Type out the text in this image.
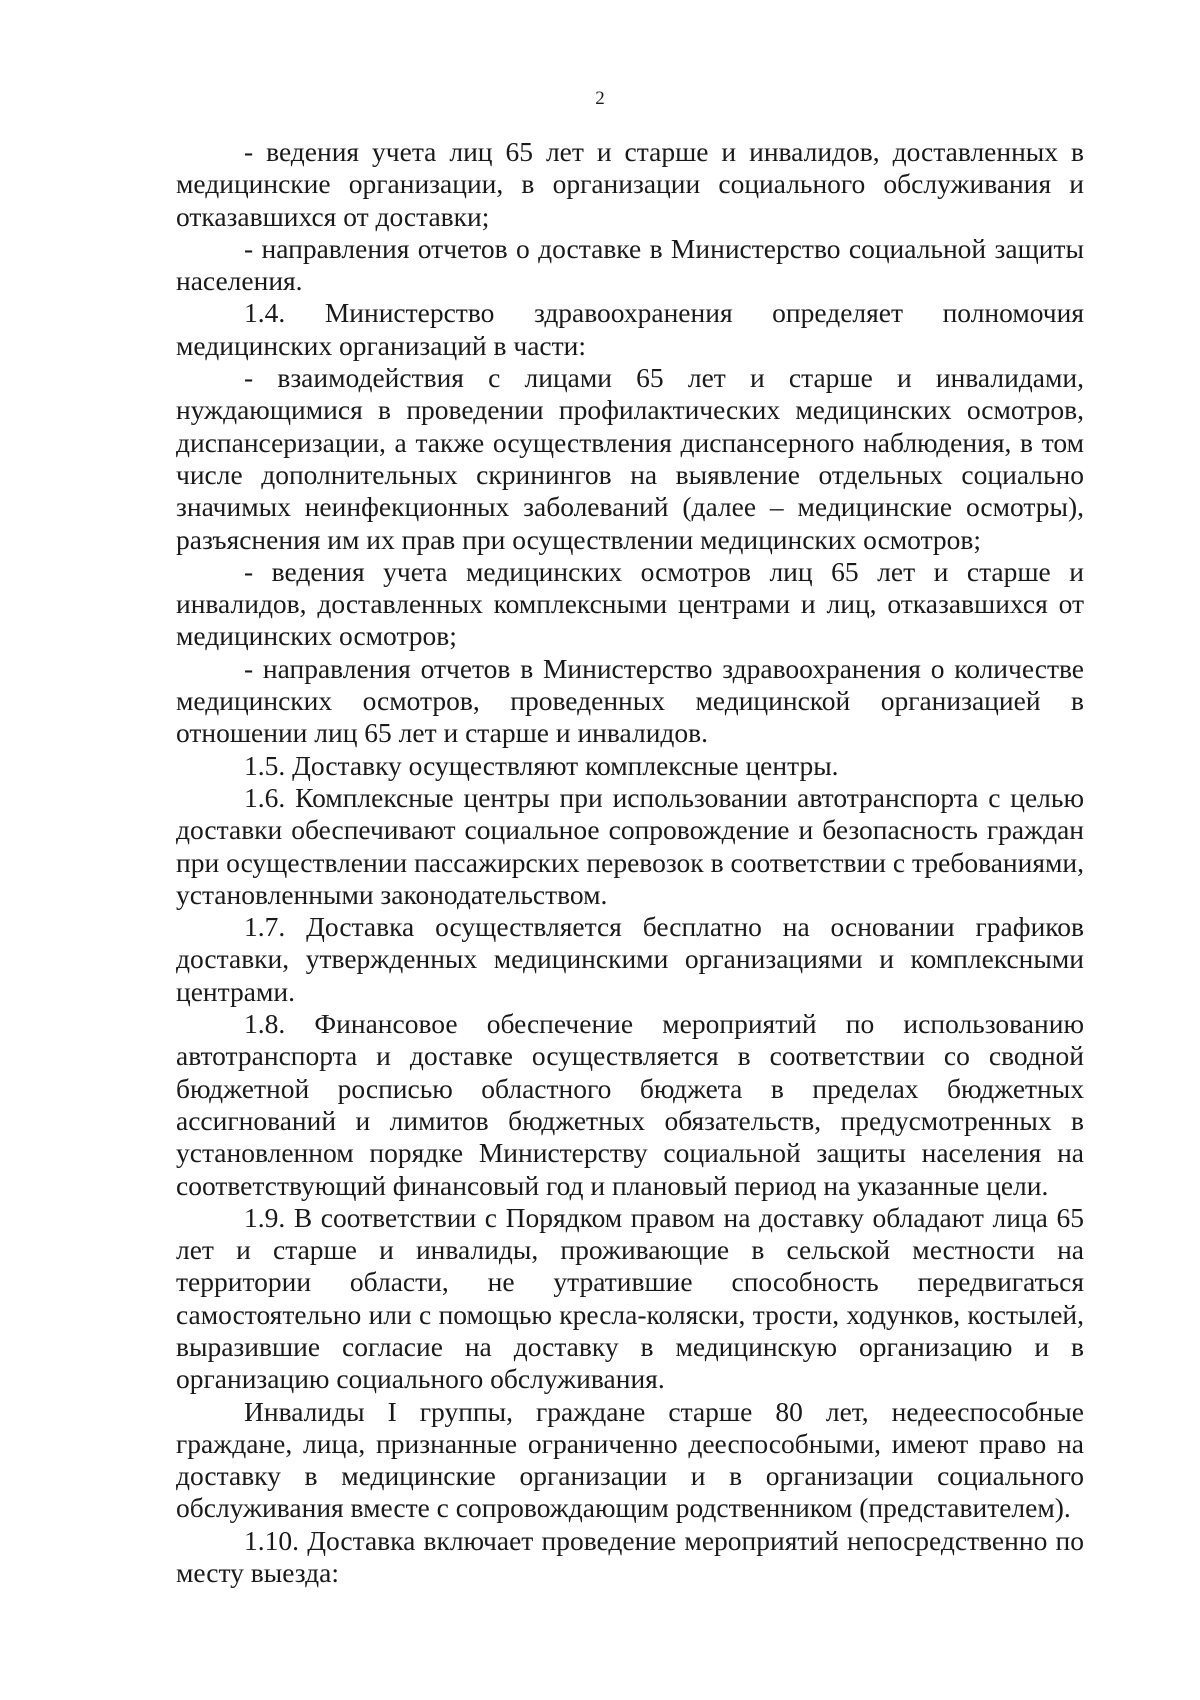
2

- ведения учета лиц 65 лет и старше и инвалидов, доставленных в медицинские организации, в организации социального обслуживания и отказавшихся от доставки;

- направления отчетов о доставке в Министерство социальной защиты населения.

1.4. Министерство здравоохранения определяет полномочия медицинских организаций в части:

- взаимодействия с лицами 65 лет и старше и инвалидами, нуждающимися в проведении профилактических медицинских осмотров, диспансеризации, а также осуществления диспансерного наблюдения, в том числе дополнительных скринингов на выявление отдельных социально значимых неинфекционных заболеваний (далее – медицинские осмотры), разъяснения им их прав при осуществлении медицинских осмотров;

- ведения учета медицинских осмотров лиц 65 лет и старше и инвалидов, доставленных комплексными центрами и лиц, отказавшихся от медицинских осмотров;

- направления отчетов в Министерство здравоохранения о количестве медицинских осмотров, проведенных медицинской организацией в отношении лиц 65 лет и старше и инвалидов.

1.5. Доставку осуществляют комплексные центры.

1.6. Комплексные центры при использовании автотранспорта с целью доставки обеспечивают социальное сопровождение и безопасность граждан при осуществлении пассажирских перевозок в соответствии с требованиями, установленными законодательством.

1.7. Доставка осуществляется бесплатно на основании графиков доставки, утвержденных медицинскими организациями и комплексными центрами.

1.8. Финансовое обеспечение мероприятий по использованию автотранспорта и доставке осуществляется в соответствии со сводной бюджетной росписью областного бюджета в пределах бюджетных ассигнований и лимитов бюджетных обязательств, предусмотренных в установленном порядке Министерству социальной защиты населения на соответствующий финансовый год и плановый период на указанные цели.

1.9. В соответствии с Порядком правом на доставку обладают лица 65 лет и старше и инвалиды, проживающие в сельской местности на территории области, не утратившие способность передвигаться самостоятельно или с помощью кресла-коляски, трости, ходунков, костылей, выразившие согласие на доставку в медицинскую организацию и в организацию социального обслуживания.

Инвалиды I группы, граждане старше 80 лет, недееспособные граждане, лица, признанные ограниченно дееспособными, имеют право на доставку в медицинские организации и в организации социального обслуживания вместе с сопровождающим родственником (представителем).

1.10. Доставка включает проведение мероприятий непосредственно по месту выезда:
